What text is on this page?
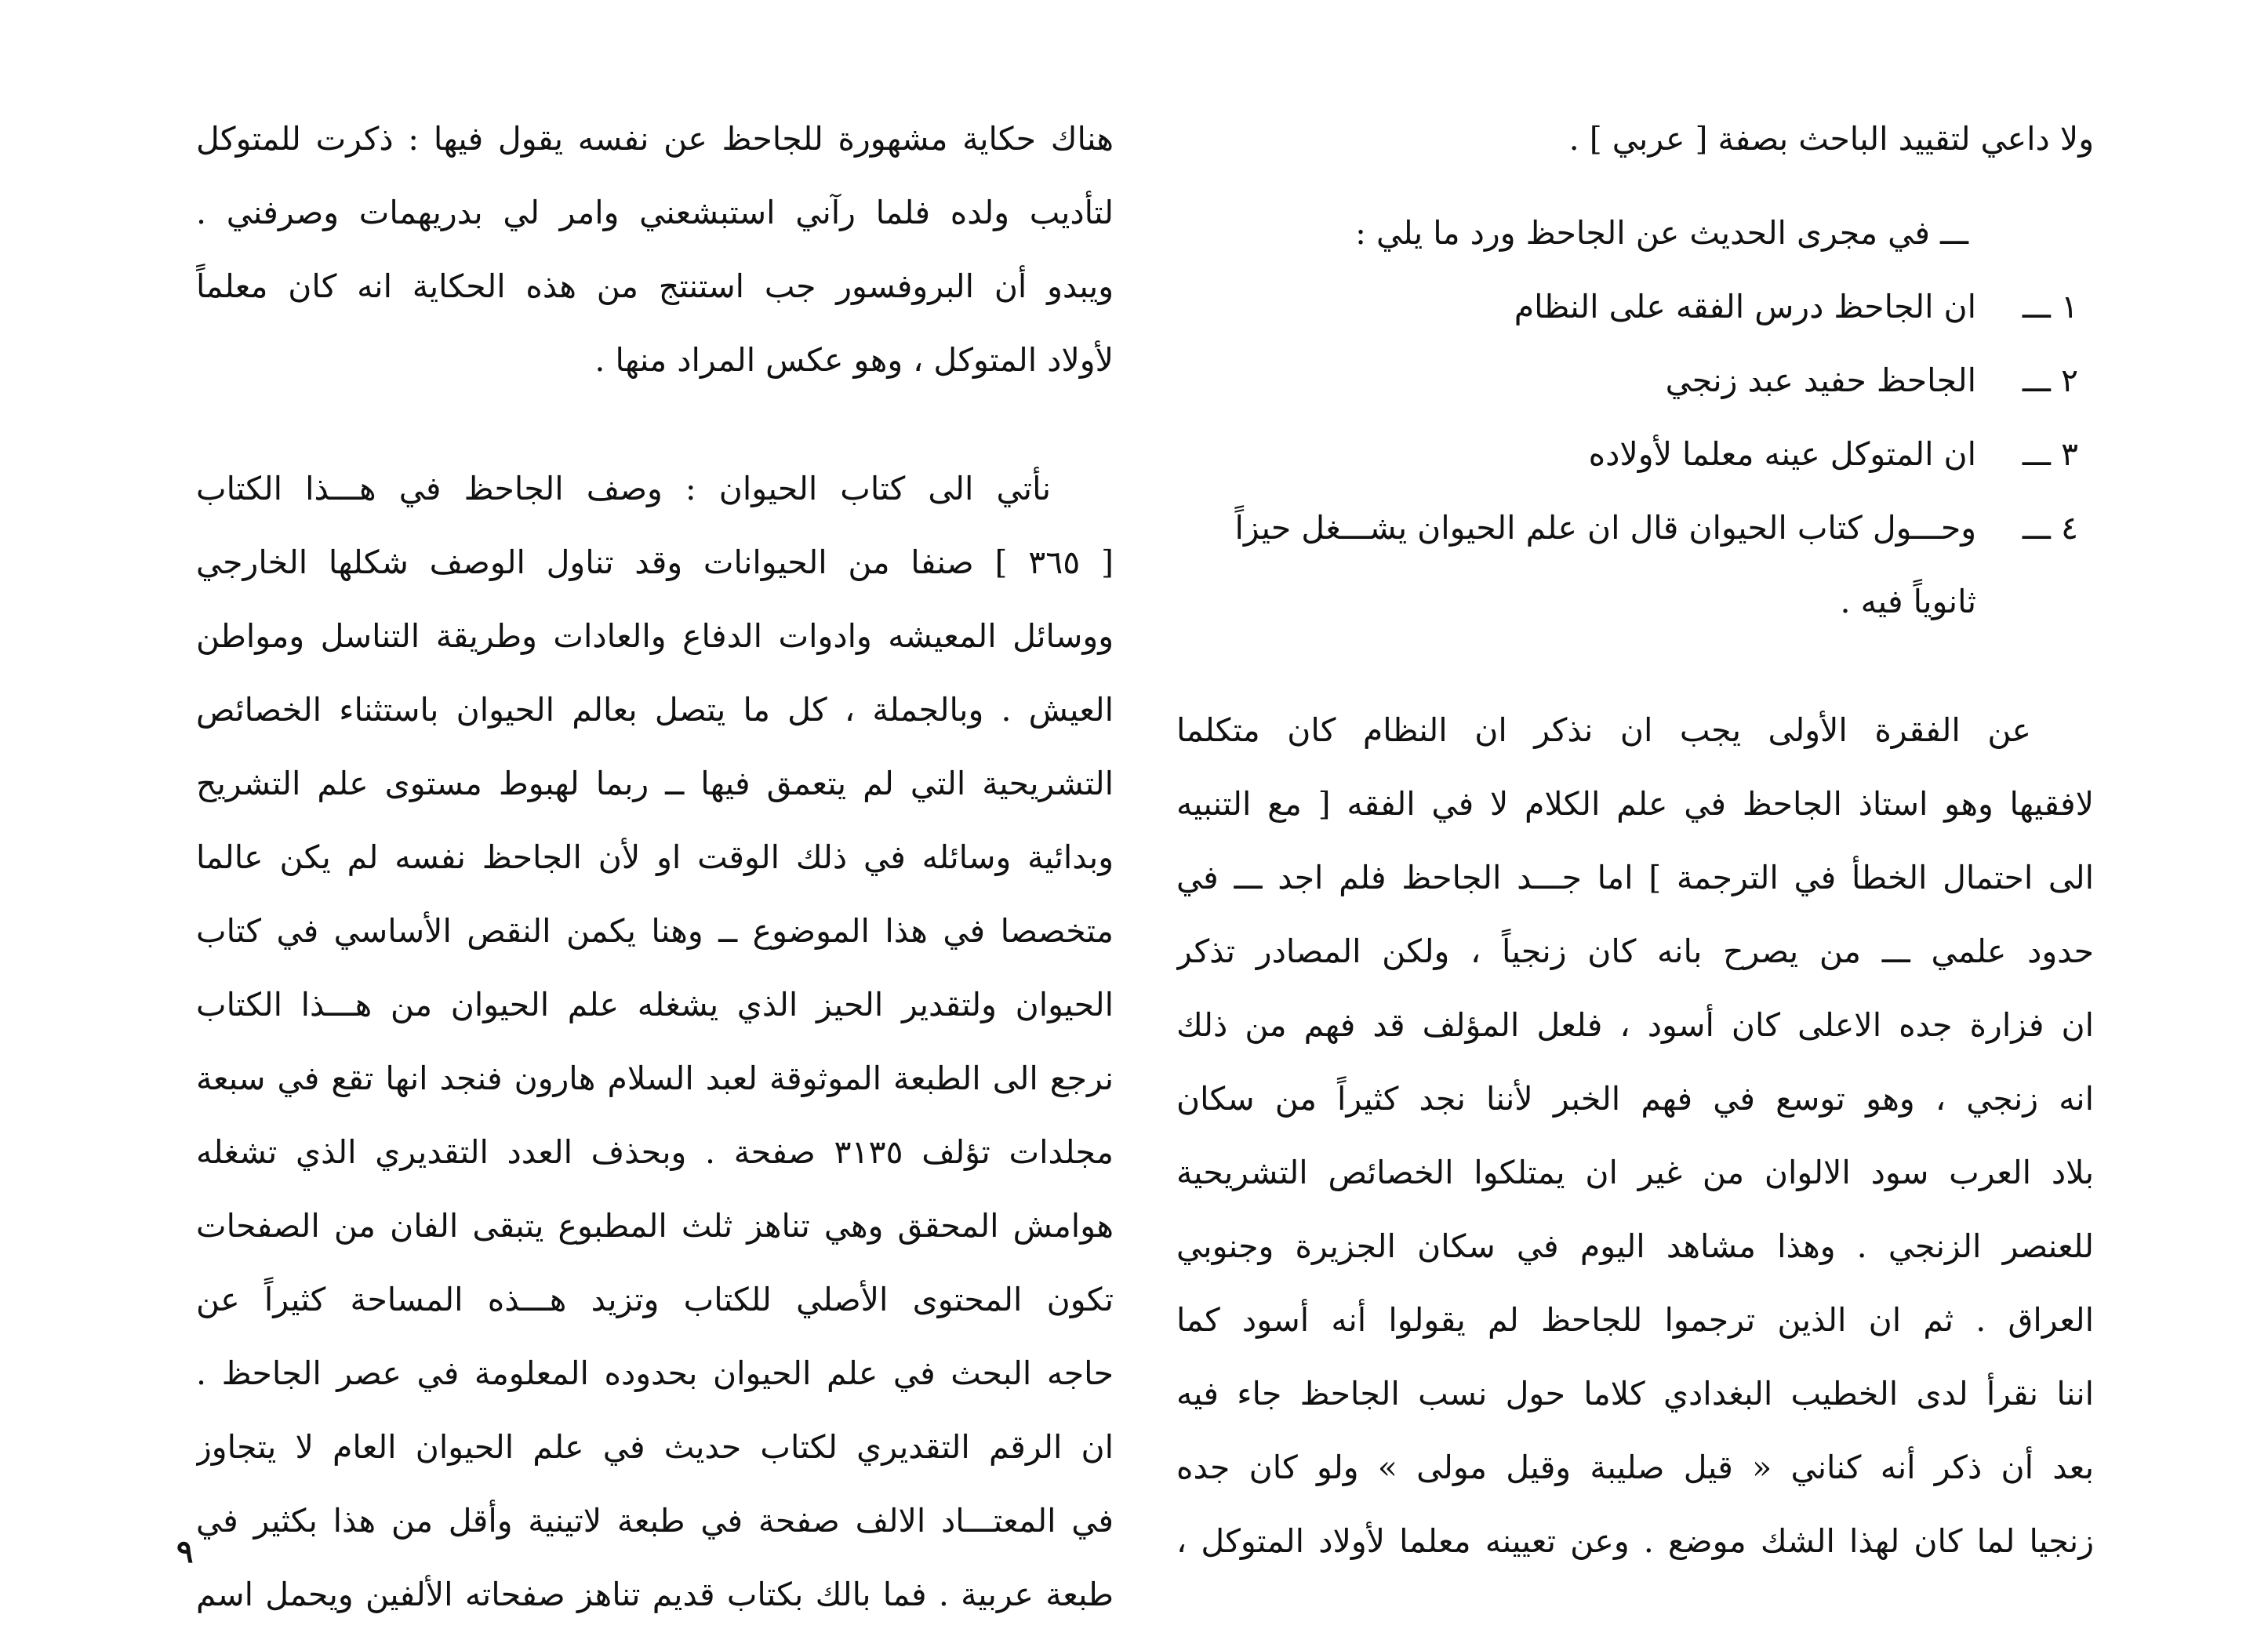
ولا داعي لتقييد الباحث بصفة [ عربي ] .
ـــ في مجرى الحديث عن الجاحظ ورد ما يلي :
١ ـــان الجاحظ درس الفقه على النظام
٢ ـــالجاحظ حفيد عبد زنجي
٣ ـــان المتوكل عينه معلما لأولاده
٤ ـــوحـــول كتاب الحيوان قال ان علم الحيوان يشـــغل حيزاً
ثانوياً فيه .
عن الفقرة الأولى يجب ان نذكر ان النظام كان متكلما
لافقيها وهو استاذ الجاحظ في علم الكلام لا في الفقه [ مع التنبيه
الى احتمال الخطأ في الترجمة ] اما جـــد الجاحظ فلم اجد ـــ في
حدود علمي ـــ من يصرح بانه كان زنجياً ، ولكن المصادر تذكر
ان فزارة جده الاعلى كان أسود ، فلعل المؤلف قد فهم من ذلك
انه زنجي ، وهو توسع في فهم الخبر لأننا نجد كثيراً من سكان
بلاد العرب سود الالوان من غير ان يمتلكوا الخصائص التشريحية
للعنصر الزنجي . وهذا مشاهد اليوم في سكان الجزيرة وجنوبي
العراق . ثم ان الذين ترجموا للجاحظ لم يقولوا أنه أسود كما
اننا نقرأ لدى الخطيب البغدادي كلاما حول نسب الجاحظ جاء فيه
بعد أن ذكر أنه كناني « قيل صليبة وقيل مولى » ولو كان جده
زنجيا لما كان لهذا الشك موضع . وعن تعيينه معلما لأولاد المتوكل ،
هناك حكاية مشهورة للجاحظ عن نفسه يقول فيها : ذكرت للمتوكل
لتأديب ولده فلما رآني استبشعني وامر لي بدريهمات وصرفني .
ويبدو أن البروفسور جب استنتج من هذه الحكاية انه كان معلماً
لأولاد المتوكل ، وهو عكس المراد منها .
نأتي الى كتاب الحيوان : وصف الجاحظ في هـــذا الكتاب
[ ٣٦٥ ] صنفا من الحيوانات وقد تناول الوصف شكلها الخارجي
ووسائل المعيشه وادوات الدفاع والعادات وطريقة التناسل ومواطن
العيش . وبالجملة ، كل ما يتصل بعالم الحيوان باستثناء الخصائص
التشريحية التي لم يتعمق فيها ــ ربما لهبوط مستوى علم التشريح
وبدائية وسائله في ذلك الوقت او لأن الجاحظ نفسه لم يكن عالما
متخصصا في هذا الموضوع ــ وهنا يكمن النقص الأساسي في كتاب
الحيوان ولتقدير الحيز الذي يشغله علم الحيوان من هـــذا الكتاب
نرجع الى الطبعة الموثوقة لعبد السلام هارون فنجد انها تقع في سبعة
مجلدات تؤلف ٣١٣٥ صفحة . وبحذف العدد التقديري الذي تشغله
هوامش المحقق وهي تناهز ثلث المطبوع يتبقى الفان من الصفحات
تكون المحتوى الأصلي للكتاب وتزيد هـــذه المساحة كثيراً عن
حاجه البحث في علم الحيوان بحدوده المعلومة في عصر الجاحظ .
ان الرقم التقديري لكتاب حديث في علم الحيوان العام لا يتجاوز
في المعتـــاد الالف صفحة في طبعة لاتينية وأقل من هذا بكثير في
طبعة عربية . فما بالك بكتاب قديم تناهز صفحاته الألفين ويحمل اسم
٩
